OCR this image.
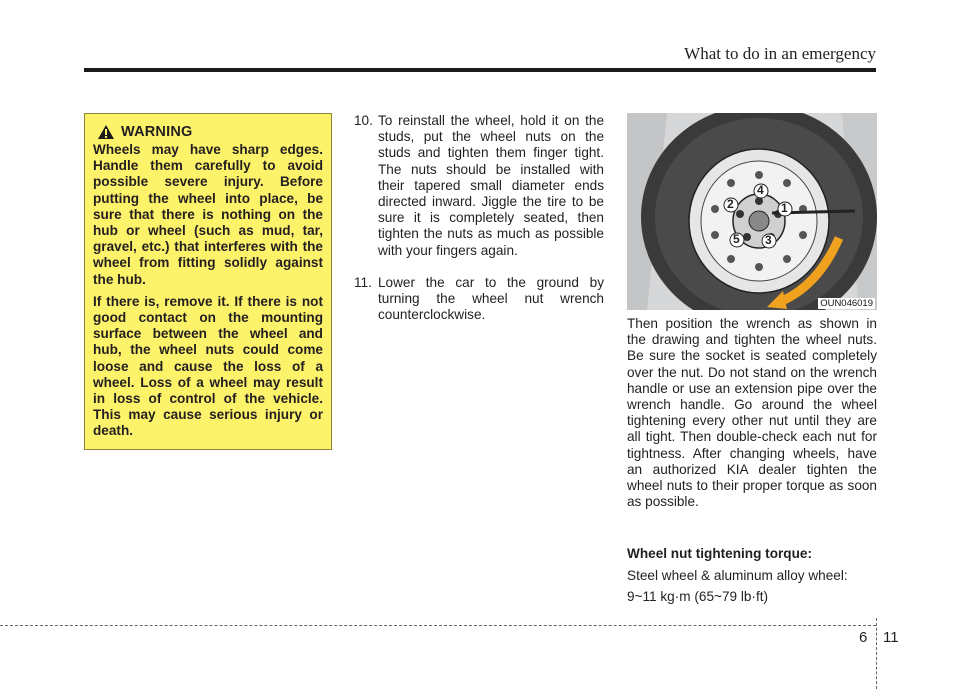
What to do in an emergency
WARNING

Wheels may have sharp edges. Handle them carefully to avoid possible severe injury. Before putting the wheel into place, be sure that there is nothing on the hub or wheel (such as mud, tar, gravel, etc.) that interferes with the wheel from fitting solidly against the hub.

If there is, remove it. If there is not good contact on the mounting surface between the wheel and hub, the wheel nuts could come loose and cause the loss of a wheel. Loss of a wheel may result in loss of control of the vehicle. This may cause serious injury or death.

10. To reinstall the wheel, hold it on the studs, put the wheel nuts on the studs and tighten them finger tight. The nuts should be installed with their tapered small diameter ends directed inward. Jiggle the tire to be sure it is completely seated, then tighten the nuts as much as possible with your fingers again.
11. Lower the car to the ground by turning the wheel nut wrench counterclockwise.
1
2
3
4
5
OUN046019
Then position the wrench as shown in the drawing and tighten the wheel nuts. Be sure the socket is seated completely over the nut. Do not stand on the wrench handle or use an extension pipe over the wrench handle. Go around the wheel tightening every other nut until they are all tight. Then double-check each nut for tightness. After changing wheels, have an authorized KIA dealer tighten the wheel nuts to their proper torque as soon as possible.
Wheel nut tightening torque:
Steel wheel & aluminum alloy wheel:
9~11 kg·m (65~79 lb·ft)
6 11
